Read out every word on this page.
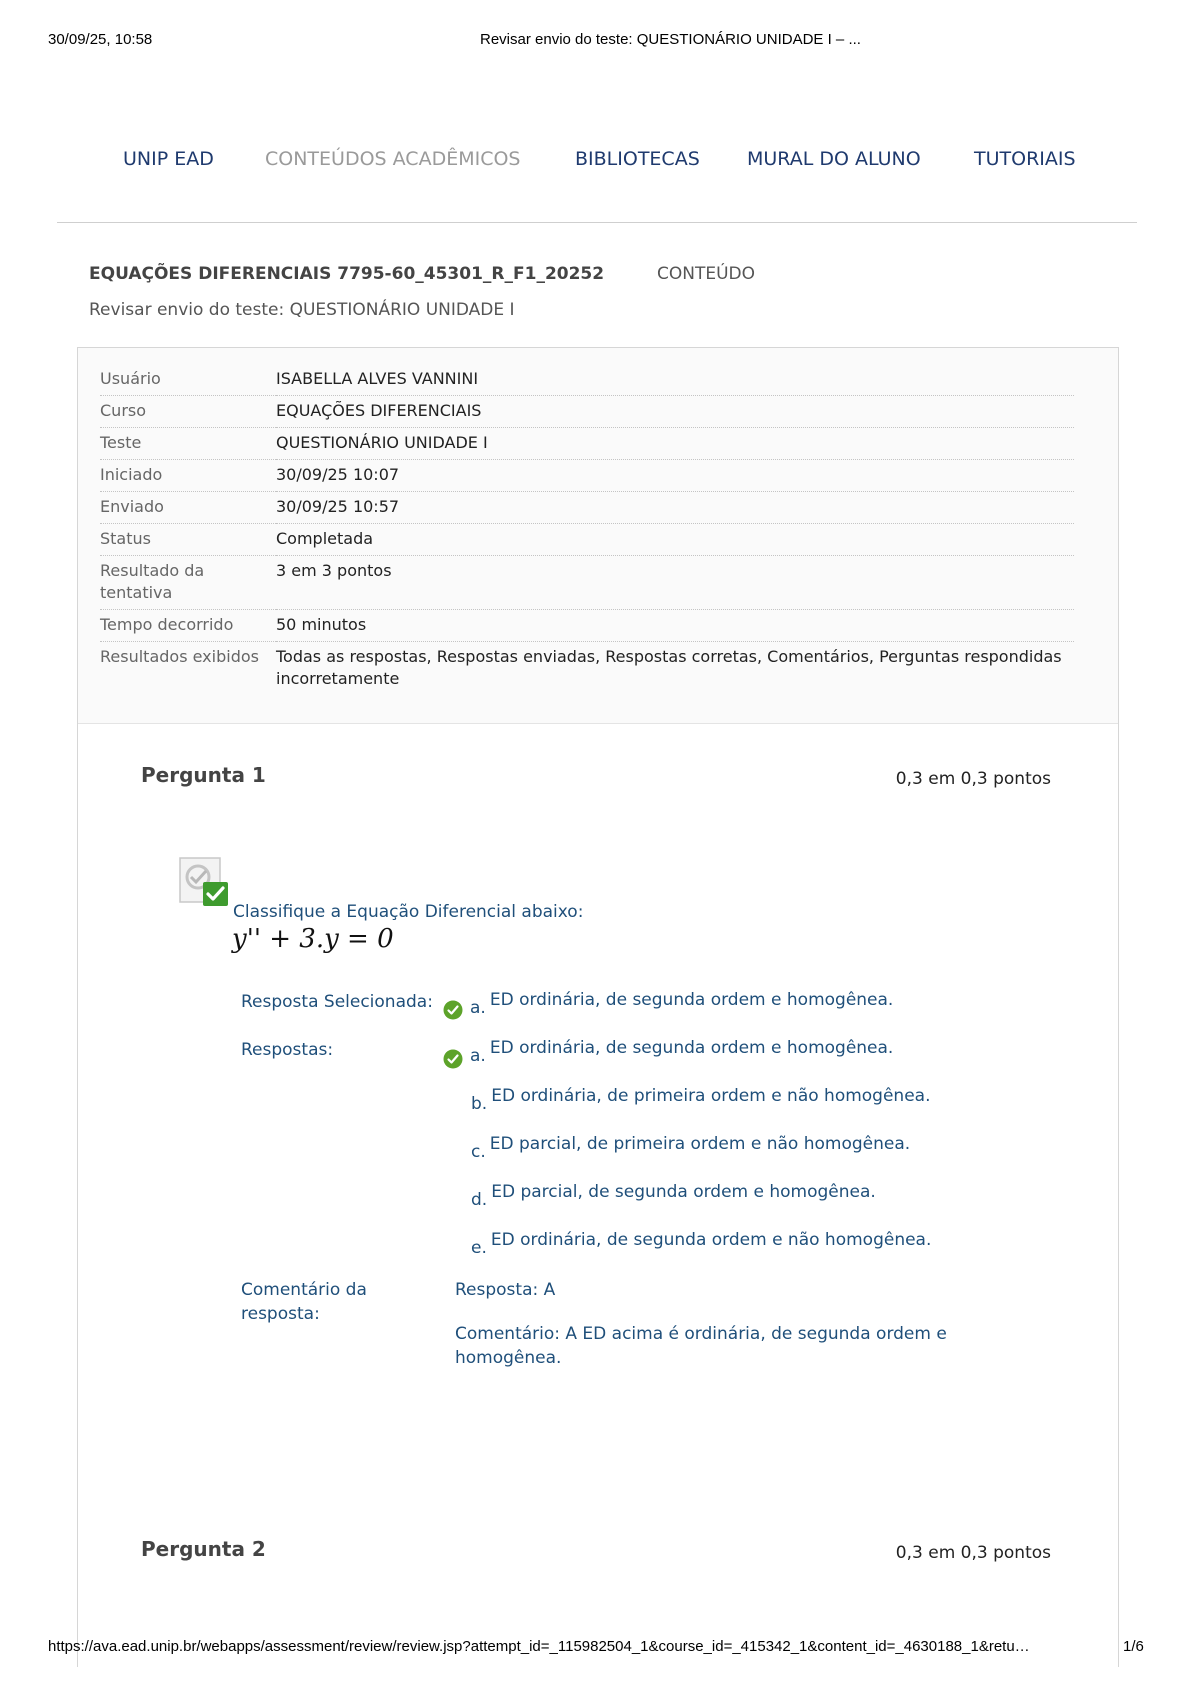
30/09/25, 10:58	Revisar envio do teste: QUESTIONÁRIO UNIDADE I – ...
UNIP EAD	CONTEÚDOS ACADÊMICOS	BIBLIOTECAS MURAL DO ALUNO	TUTORIAIS
EQUAÇÕES DIFERENCIAIS 7795-60_45301_R_F1_20252	CONTEÚDO
Revisar envio do teste: QUESTIONÁRIO UNIDADE I
Usuário	ISABELLA ALVES VANNINI
Curso	EQUAÇÕES DIFERENCIAIS
Teste	QUESTIONÁRIO UNIDADE I
Iniciado	30/09/25 10:07
Enviado	30/09/25 10:57
Status	Completada
Resultado da tentativa	3 em 3 pontos
Tempo decorrido	50 minutos
Resultados exibidos	Todas as respostas, Respostas enviadas, Respostas corretas, Comentários, Perguntas respondidas incorretamente
Pergunta 1	0,3 em 0,3 pontos
Classifique a Equação Diferencial abaixo:
y'' + 3.y = 0
Resposta Selecionada: a. ED ordinária, de segunda ordem e homogênea.
Respostas:	a. ED ordinária, de segunda ordem e homogênea.
b. ED ordinária, de primeira ordem e não homogênea.
c. ED parcial, de primeira ordem e não homogênea.
d. ED parcial, de segunda ordem e homogênea.
e. ED ordinária, de segunda ordem e não homogênea.
Comentário da resposta:
Resposta: A
Comentário: A ED acima é ordinária, de segunda ordem e homogênea.
Pergunta 2	0,3 em 0,3 pontos
https://ava.ead.unip.br/webapps/assessment/review/review.jsp?attempt_id=_115982504_1&course_id=_415342_1&content_id=_4630188_1&retu…	1/6
